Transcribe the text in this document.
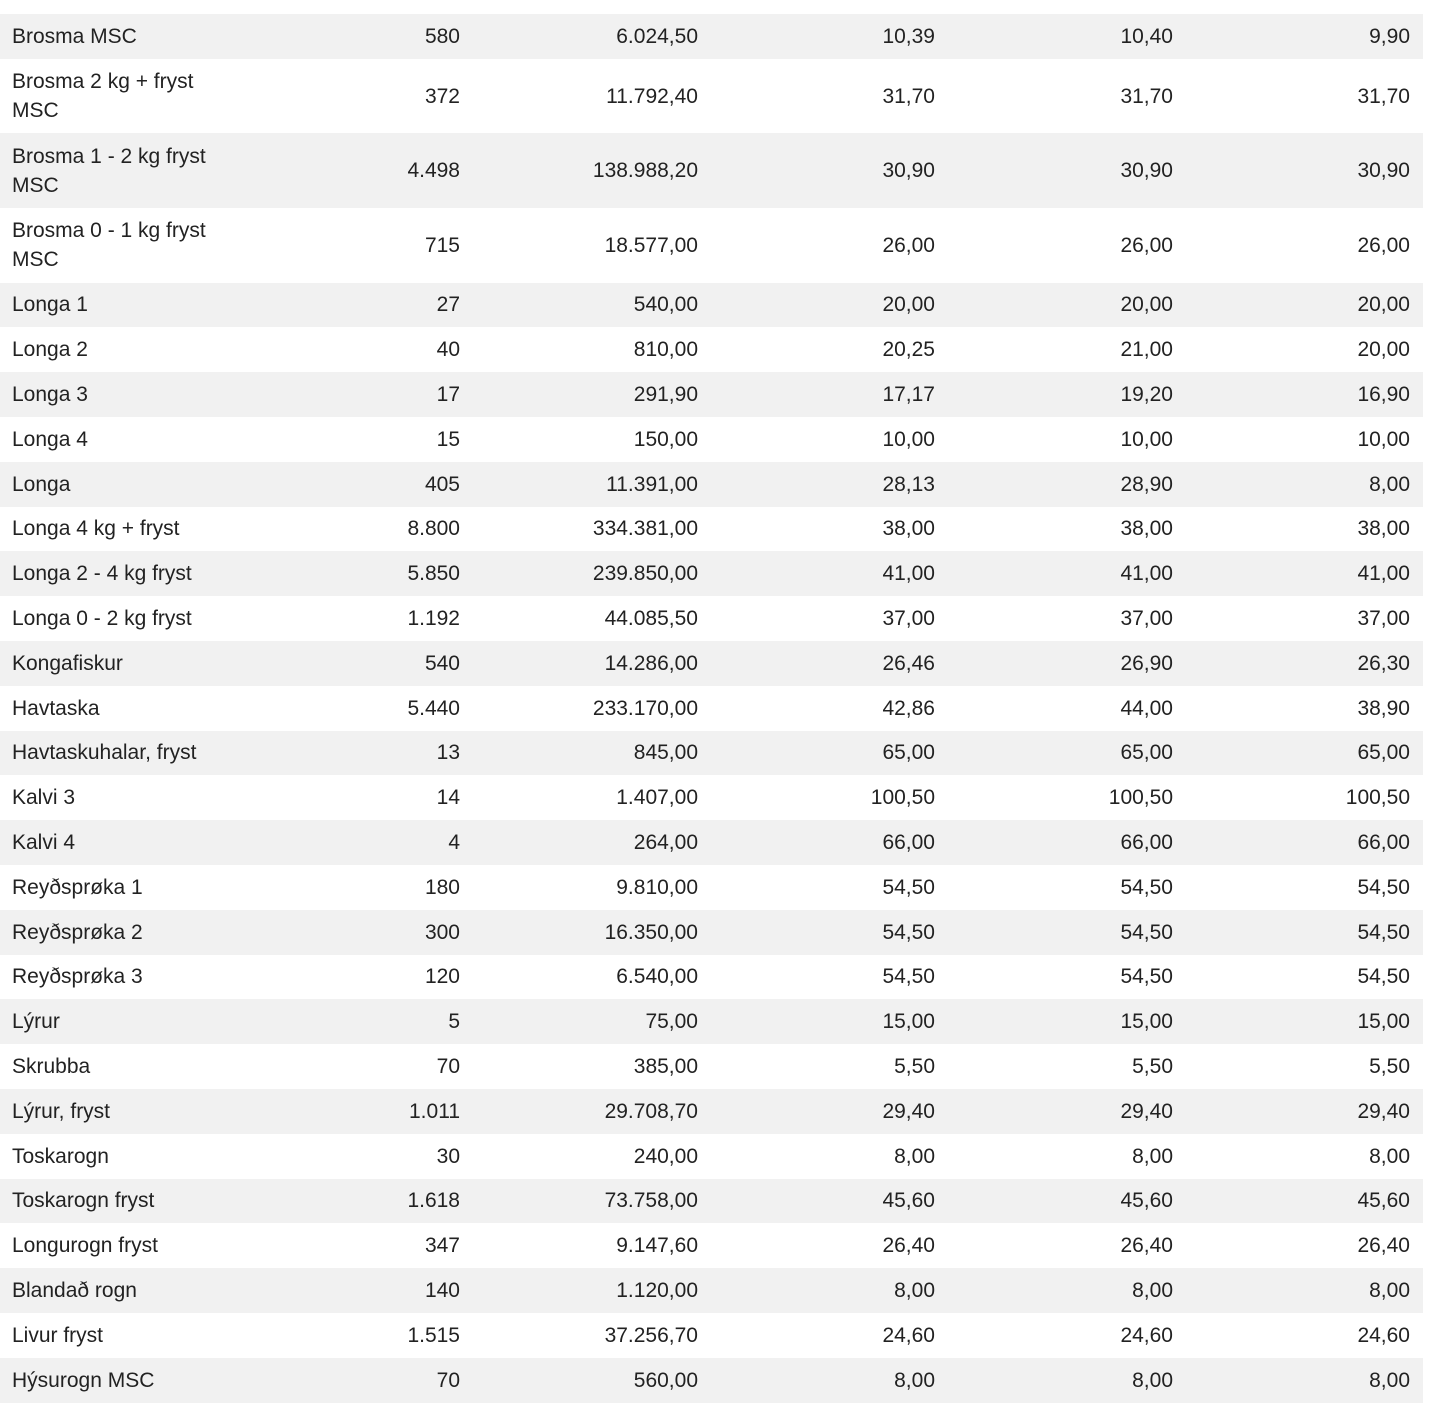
Brosma MSC	580	6.024,50	10,39	10,40	9,90
Brosma 2 kg + fryst MSC	372	11.792,40	31,70	31,70	31,70
Brosma 1 - 2 kg fryst MSC	4.498	138.988,20	30,90	30,90	30,90
Brosma 0 - 1 kg fryst MSC	715	18.577,00	26,00	26,00	26,00
Longa 1	27	540,00	20,00	20,00	20,00
Longa 2	40	810,00	20,25	21,00	20,00
Longa 3	17	291,90	17,17	19,20	16,90
Longa 4	15	150,00	10,00	10,00	10,00
Longa	405	11.391,00	28,13	28,90	8,00
Longa 4 kg + fryst	8.800	334.381,00	38,00	38,00	38,00
Longa 2 - 4 kg fryst	5.850	239.850,00	41,00	41,00	41,00
Longa 0 - 2 kg fryst	1.192	44.085,50	37,00	37,00	37,00
Kongafiskur	540	14.286,00	26,46	26,90	26,30
Havtaska	5.440	233.170,00	42,86	44,00	38,90
Havtaskuhalar, fryst	13	845,00	65,00	65,00	65,00
Kalvi 3	14	1.407,00	100,50	100,50	100,50
Kalvi 4	4	264,00	66,00	66,00	66,00
Reyðsprøka 1	180	9.810,00	54,50	54,50	54,50
Reyðsprøka 2	300	16.350,00	54,50	54,50	54,50
Reyðsprøka 3	120	6.540,00	54,50	54,50	54,50
Lýrur	5	75,00	15,00	15,00	15,00
Skrubba	70	385,00	5,50	5,50	5,50
Lýrur, fryst	1.011	29.708,70	29,40	29,40	29,40
Toskarogn	30	240,00	8,00	8,00	8,00
Toskarogn fryst	1.618	73.758,00	45,60	45,60	45,60
Longurogn fryst	347	9.147,60	26,40	26,40	26,40
Blandað rogn	140	1.120,00	8,00	8,00	8,00
Livur fryst	1.515	37.256,70	24,60	24,60	24,60
Hýsurogn MSC	70	560,00	8,00	8,00	8,00
